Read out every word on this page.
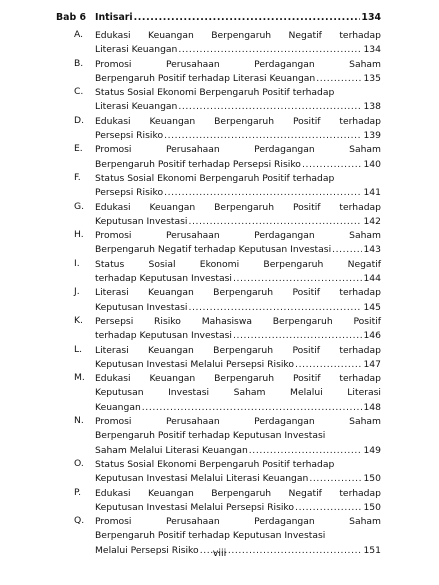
Bab 6 Intisari .....	134
A.	Edukasi Keuangan Berpengaruh Negatif terhadap
Literasi Keuangan .....	134
B.	Promosi	Perusahaan	Perdagangan	Saham
Berpengaruh Positif terhadap Literasi Keuangan .....	135
C.	Status Sosial Ekonomi Berpengaruh Positif terhadap
Literasi Keuangan .....	138
D.	Edukasi Keuangan Berpengaruh Positif terhadap
Persepsi Risiko .....	139
E.	Promosi	Perusahaan	Perdagangan	Saham
Berpengaruh Positif terhadap Persepsi Risiko .....	140
F.	Status Sosial Ekonomi Berpengaruh Positif terhadap
Persepsi Risiko .....	141
G.	Edukasi Keuangan Berpengaruh Positif terhadap
Keputusan Investasi .....	142
H.	Promosi	Perusahaan	Perdagangan	Saham
Berpengaruh Negatif terhadap Keputusan Investasi .....	143
I.	Status	Sosial	Ekonomi	Berpengaruh	Negatif
terhadap Keputusan Investasi .....	144
J.	Literasi Keuangan Berpengaruh Positif terhadap
Keputusan Investasi .....	145
K.	Persepsi Risiko Mahasiswa Berpengaruh Positif
terhadap Keputusan Investasi .....	146
L.	Literasi Keuangan Berpengaruh Positif terhadap
Keputusan Investasi Melalui Persepsi Risiko .....	147
M.	Edukasi Keuangan Berpengaruh Positif terhadap
Keputusan	Investasi	Saham	Melalui	Literasi
Keuangan .....	148
N.	Promosi	Perusahaan	Perdagangan	Saham
Berpengaruh Positif terhadap Keputusan Investasi
Saham Melalui Literasi Keuangan .....	149
O.	Status Sosial Ekonomi Berpengaruh Positif terhadap
Keputusan Investasi Melalui Literasi Keuangan .....	150
P.	Edukasi Keuangan Berpengaruh Negatif terhadap
Keputusan Investasi Melalui Persepsi Risiko .....	150
Q.	Promosi	Perusahaan	Perdagangan	Saham
Berpengaruh Positif terhadap Keputusan Investasi
Melalui Persepsi Risiko .....	151
viii
